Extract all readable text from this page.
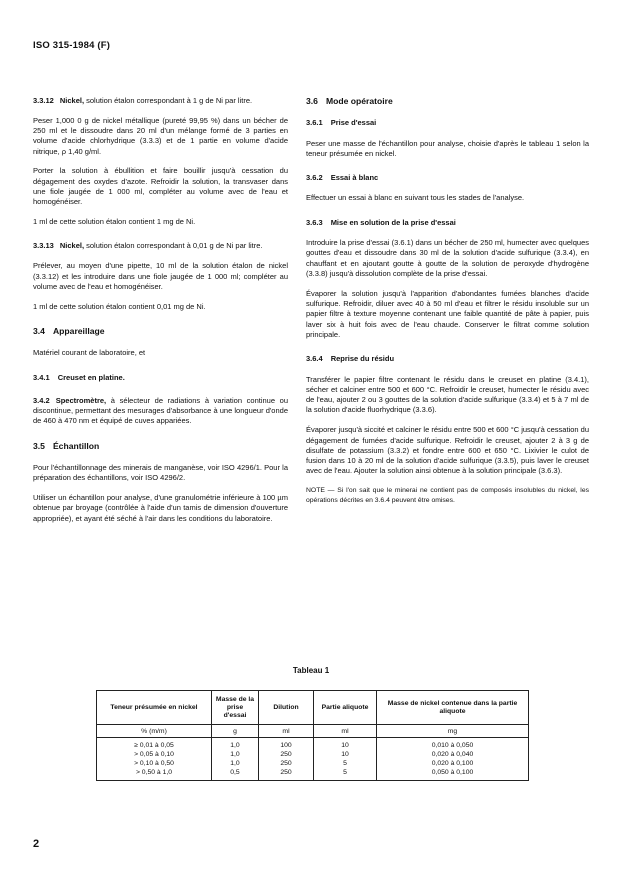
ISO 315-1984 (F)
3.3.12 Nickel, solution étalon correspondant à 1 g de Ni par litre.

Peser 1,000 0 g de nickel métallique (pureté 99,95 %) dans un bécher de 250 ml et le dissoudre dans 20 ml d'un mélange formé de 3 parties en volume d'acide chlorhydrique (3.3.3) et de 1 partie en volume d'acide nitrique, ρ 1,40 g/ml.

Porter la solution à ébullition et faire bouillir jusqu'à cessation du dégagement des oxydes d'azote. Refroidir la solution, la transvaser dans une fiole jaugée de 1 000 ml, compléter au volume avec de l'eau et homogénéiser.

1 ml de cette solution étalon contient 1 mg de Ni.

3.3.13 Nickel, solution étalon correspondant à 0,01 g de Ni par litre.

Prélever, au moyen d'une pipette, 10 ml de la solution étalon de nickel (3.3.12) et les introduire dans une fiole jaugée de 1 000 ml; compléter au volume avec de l'eau et homogénéiser.

1 ml de cette solution étalon contient 0,01 mg de Ni.

3.4 Appareillage

Matériel courant de laboratoire, et

3.4.1 Creuset en platine.
3.4.2 Spectromètre, à sélecteur de radiations à variation continue ou discontinue, permettant des mesurages d'absorbance à une longueur d'onde de 460 à 470 nm et équipé de cuves appariées.
3.5 Échantillon

Pour l'échantillonnage des minerais de manganèse, voir ISO 4296/1. Pour la préparation des échantillons, voir ISO 4296/2.

Utiliser un échantillon pour analyse, d'une granulométrie inférieure à 100 µm obtenue par broyage (contrôlée à l'aide d'un tamis de dimension d'ouverture appropriée), et ayant été séché à l'air dans les conditions du laboratoire.

3.6 Mode opératoire
3.6.1 Prise d'essai

Peser une masse de l'échantillon pour analyse, choisie d'après le tableau 1 selon la teneur présumée en nickel.

3.6.2 Essai à blanc

Effectuer un essai à blanc en suivant tous les stades de l'analyse.

3.6.3 Mise en solution de la prise d'essai

Introduire la prise d'essai (3.6.1) dans un bécher de 250 ml, humecter avec quelques gouttes d'eau et dissoudre dans 30 ml de la solution d'acide sulfurique (3.3.4), en chauffant et en ajoutant goutte à goutte de la solution de peroxyde d'hydrogène (3.3.8) jusqu'à dissolution complète de la prise d'essai.

Évaporer la solution jusqu'à l'apparition d'abondantes fumées blanches d'acide sulfurique. Refroidir, diluer avec 40 à 50 ml d'eau et filtrer le résidu insoluble sur un papier filtre à texture moyenne contenant une faible quantité de pâte à papier, puis laver six à huit fois avec de l'eau chaude. Conserver le filtrat comme solution principale.

3.6.4 Reprise du résidu

Transférer le papier filtre contenant le résidu dans le creuset en platine (3.4.1), sécher et calciner entre 500 et 600 °C. Refroidir le creuset, humecter le résidu avec de l'eau, ajouter 2 ou 3 gouttes de la solution d'acide sulfurique (3.3.4) et 5 à 7 ml de la solution d'acide fluorhydrique (3.3.6).

Évaporer jusqu'à siccité et calciner le résidu entre 500 et 600 °C jusqu'à cessation du dégagement de fumées d'acide sulfurique. Refroidir le creuset, ajouter 2 à 3 g de disulfate de potassium (3.3.2) et fondre entre 600 et 650 °C. Lixivier le culot de fusion dans 10 à 20 ml de la solution d'acide sulfurique (3.3.5), puis laver le creuset avec de l'eau. Ajouter la solution ainsi obtenue à la solution principale (3.6.3).

NOTE — Si l'on sait que le minerai ne contient pas de composés insolubles du nickel, les opérations décrites en 3.6.4 peuvent être omises.

Tableau 1
Teneur présumée en nickel	Masse de la prise d'essai	Dilution	Partie aliquote	Masse de nickel contenue dans la partie aliquote
% (m/m)	g	ml	ml	mg
≥ 0,01 à 0,05	1,0	100	10	0,010 à 0,050
> 0,05 à 0,10	1,0	250	10	0,020 à 0,040
> 0,10 à 0,50	1,0	250	5	0,020 à 0,100
> 0,50 à 1,0	0,5	250	5	0,050 à 0,100
2
